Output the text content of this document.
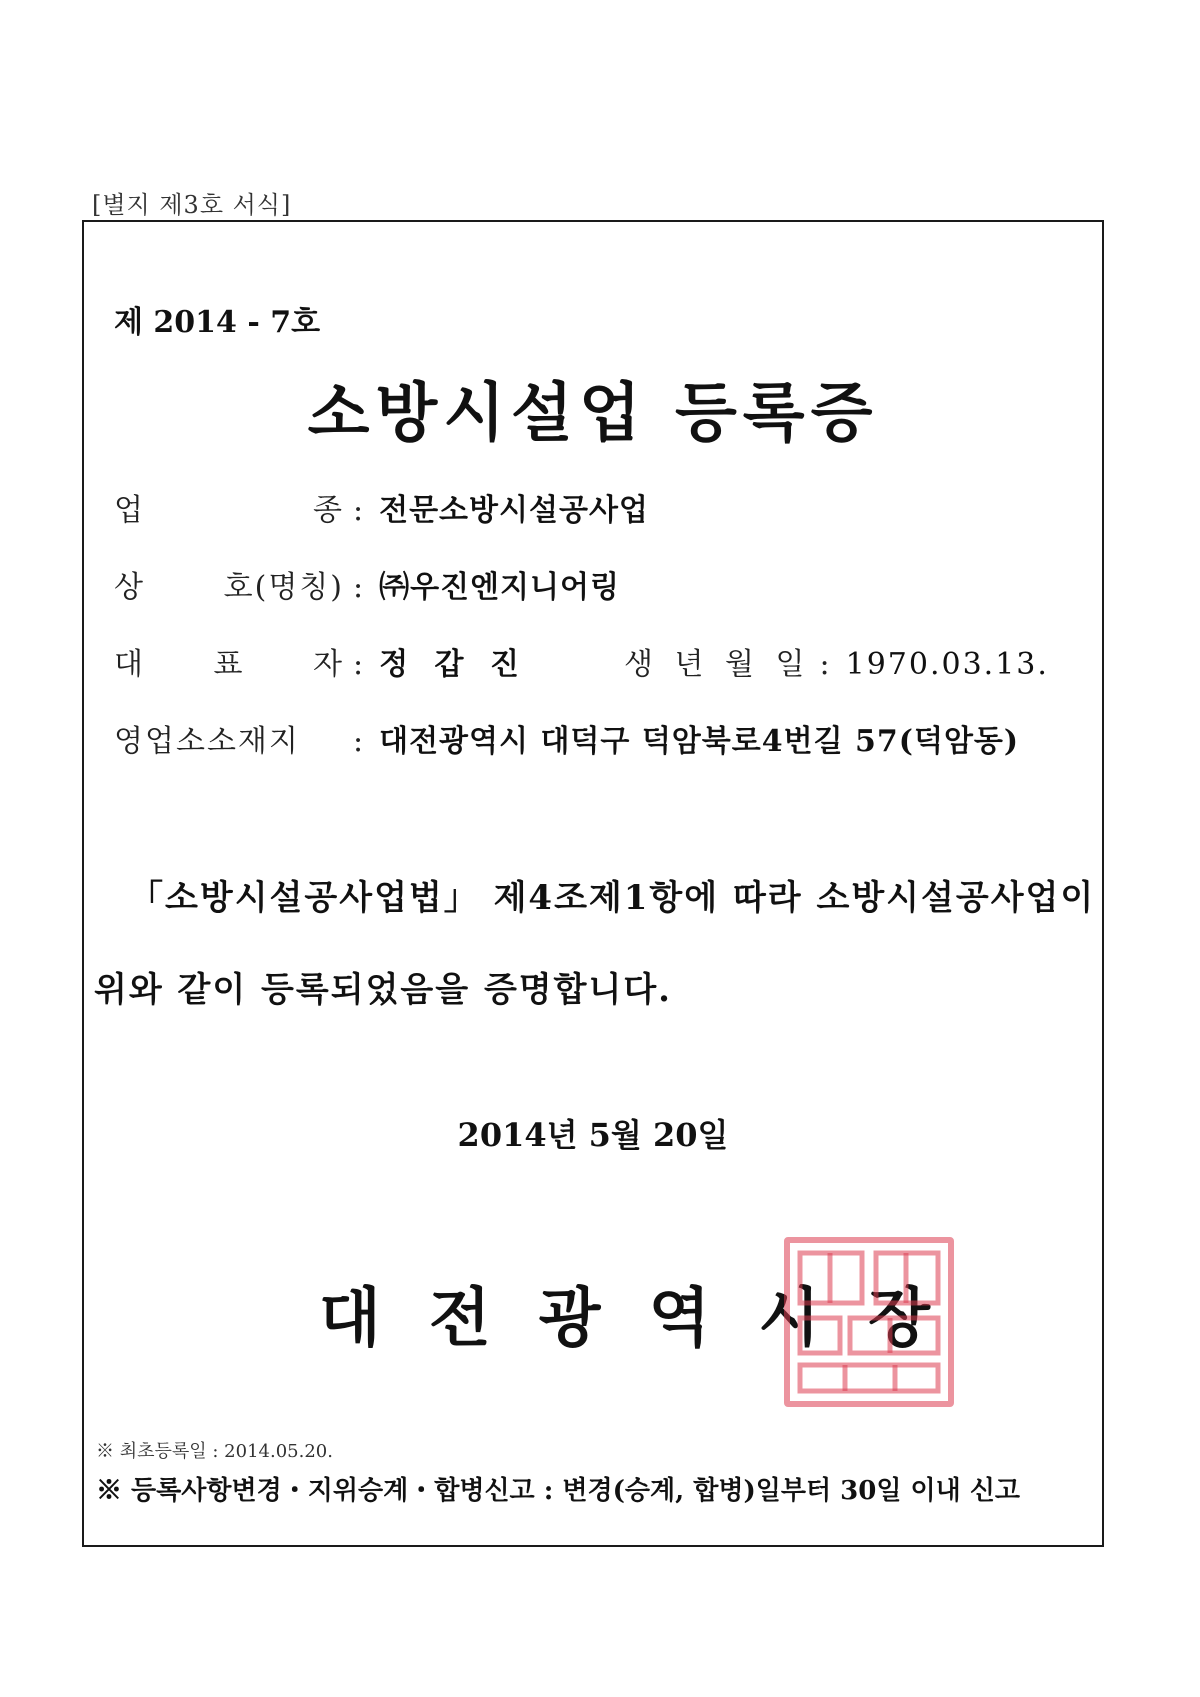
[별지 제3호 서식]
제 2014 - 7호
소방시설업 등록증
업 종 : 전문소방시설공사업
상 호(명칭) : ㈜우진엔지니어링
대 표 자 : 정 갑 진	생 년 월 일 : 1970.03.13.
영업소소재지 : 대전광역시 대덕구 덕암북로4번길 57(덕암동)
「소방시설공사업법」 제4조제1항에 따라 소방시설공사업이
위와 같이 등록되었음을 증명합니다.
2014년 5월 20일
대전광역시장
※ 최초등록일 : 2014.05.20.
※ 등록사항변경・지위승계・합병신고 : 변경(승계, 합병)일부터 30일 이내 신고
